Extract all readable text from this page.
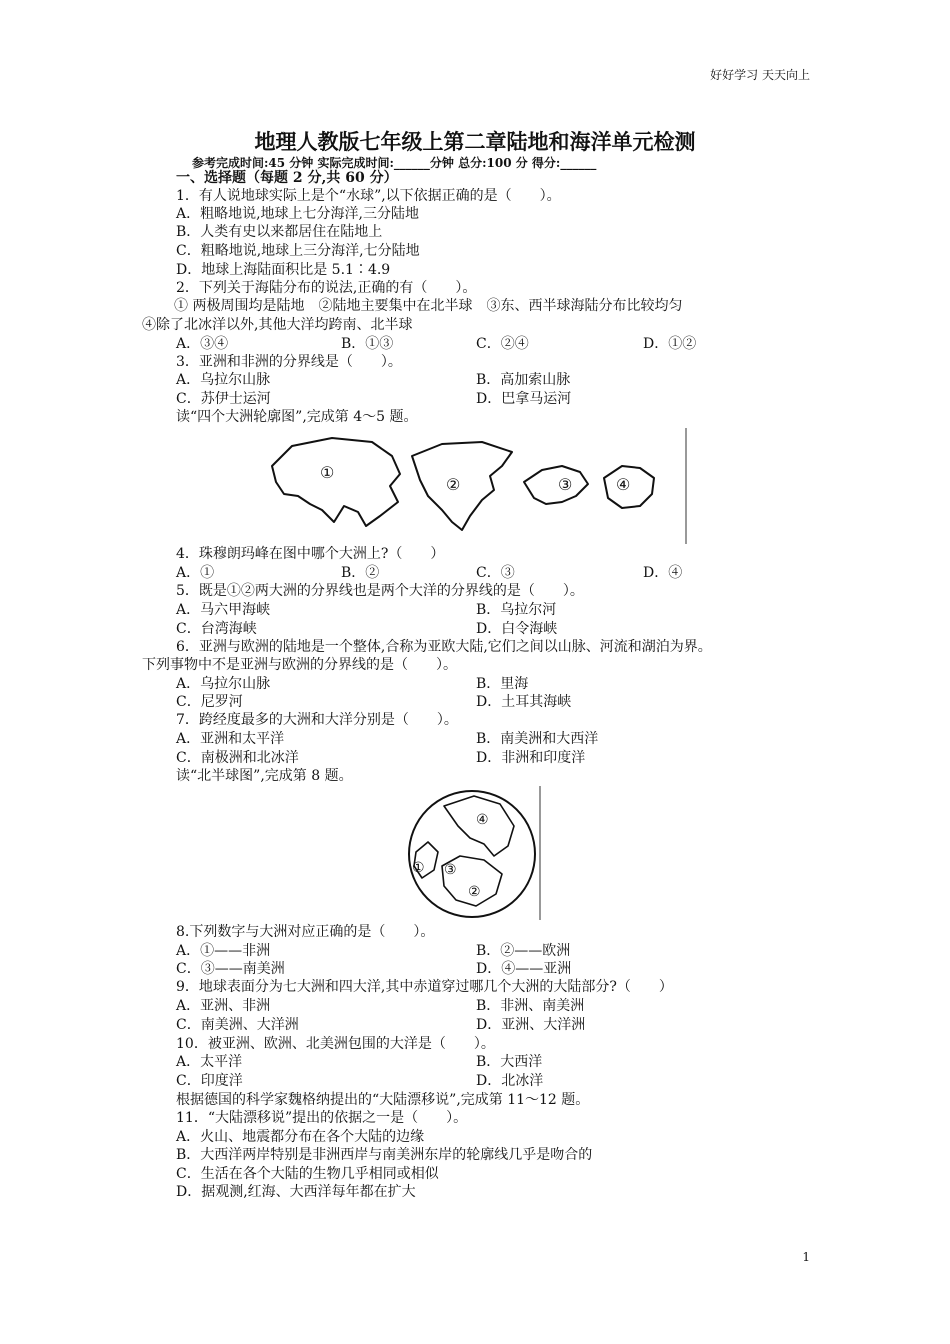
好好学习 天天向上
地理人教版七年级上第二章陆地和海洋单元检测
参考完成时间:45 分钟 实际完成时间:______分钟 总分:100 分 得分:______
一、选择题（每题 2 分,共 60 分）
1．有人说地球实际上是个“水球”,以下依据正确的是（　　）。
A．粗略地说,地球上七分海洋,三分陆地
B．人类有史以来都居住在陆地上
C．粗略地说,地球上三分海洋,七分陆地
D．地球上海陆面积比是 5.1∶4.9
2．下列关于海陆分布的说法,正确的有（　　）。
① 两极周围均是陆地　②陆地主要集中在北半球　③东、西半球海陆分布比较均匀
④除了北冰洋以外,其他大洋均跨南、北半球
A．③④	B．①③	C．②④	D．①②
3．亚洲和非洲的分界线是（　　）。
A．乌拉尔山脉	B．高加索山脉
C．苏伊士运河	D．巴拿马运河
读“四个大洲轮廓图”,完成第 4～5 题。
①
②	③	④
4．珠穆朗玛峰在图中哪个大洲上?（　　）
A．①	B．②	C．③	D．④
5．既是①②两大洲的分界线也是两个大洋的分界线的是（　　）。
A．马六甲海峡	B．乌拉尔河
C．台湾海峡	D．白令海峡
6．亚洲与欧洲的陆地是一个整体,合称为亚欧大陆,它们之间以山脉、河流和湖泊为界。
下列事物中不是亚洲与欧洲的分界线的是（　　）。
A．乌拉尔山脉	B．里海
C．尼罗河	D．土耳其海峡
7．跨经度最多的大洲和大洋分别是（　　）。
A．亚洲和太平洋	B．南美洲和大西洋
C．南极洲和北冰洋	D．非洲和印度洋
读“北半球图”,完成第 8 题。
①
②
③
④
8.下列数字与大洲对应正确的是（　　）。
A．①——非洲	B．②——欧洲
C．③——南美洲	D．④——亚洲
9．地球表面分为七大洲和四大洋,其中赤道穿过哪几个大洲的大陆部分?（　　）
A．亚洲、非洲	B．非洲、南美洲
C．南美洲、大洋洲	D．亚洲、大洋洲
10．被亚洲、欧洲、北美洲包围的大洋是（　　）。
A．太平洋	B．大西洋
C．印度洋	D．北冰洋
根据德国的科学家魏格纳提出的“大陆漂移说”,完成第 11～12 题。
11．“大陆漂移说”提出的依据之一是（　　）。
A．火山、地震都分布在各个大陆的边缘
B．大西洋两岸特别是非洲西岸与南美洲东岸的轮廓线几乎是吻合的
C．生活在各个大陆的生物几乎相同或相似
D．据观测,红海、大西洋每年都在扩大
1
